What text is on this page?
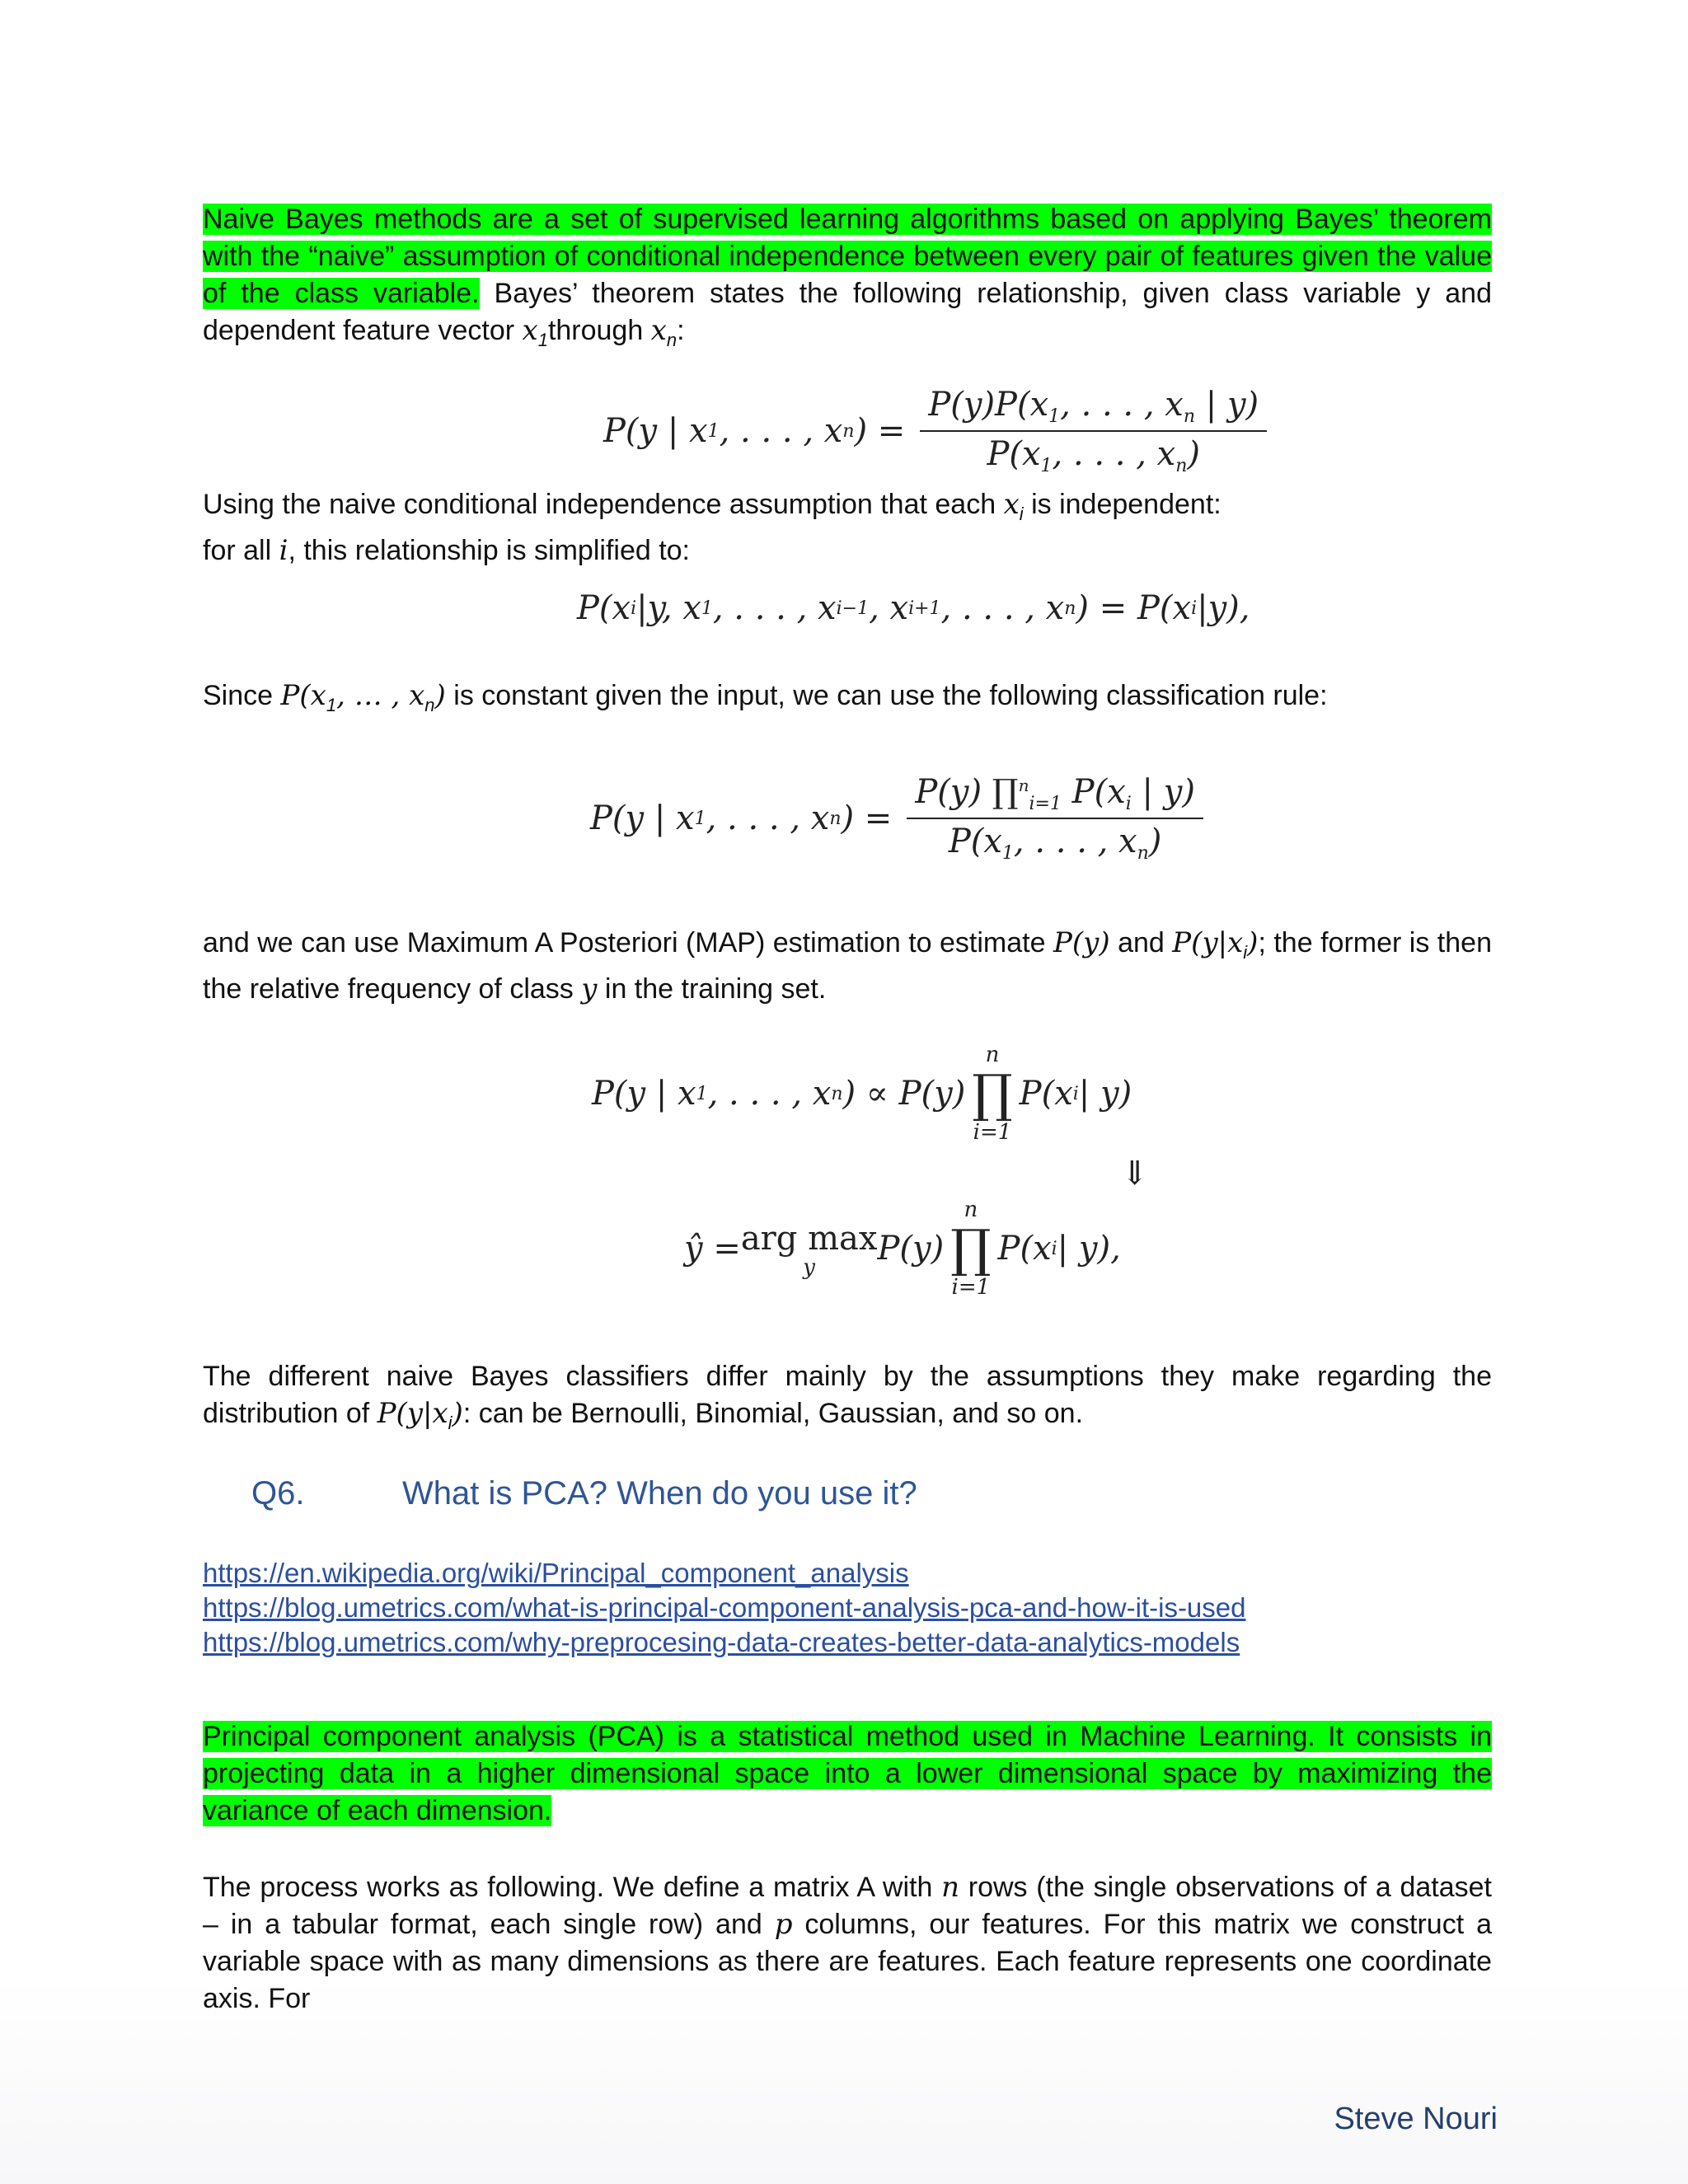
Naive Bayes methods are a set of supervised learning algorithms based on applying Bayes’ theorem with the “naive” assumption of conditional independence between every pair of features given the value of the class variable. Bayes’ theorem states the following relationship, given class variable y and dependent feature vector $x_1through$ $x_n$:
P(y | x 1 , . . . , x n ) = $\frac{P(y)P(x_1, . . . , x_n | y)}{P(x_1, . . . , x_n)}$
Using the naive conditional independence assumption that each $x_i$ is independent:
for all i, this relationship is simplified to:
P(x i |y, x 1 , . . . , x i−1 , x i+1 , . . . , x n ) = P(x i |y),
Since $P(x_1$, … , $x_n$) is constant given the input, we can use the following classification rule:
P(y | x 1 , . . . , x n ) = $\frac{P(y) \prod^n_{i=1} P(x_i | y)}{P(x_1, . . . , x_n)}$
and we can use Maximum A Posteriori (MAP) estimation to estimate P(y) and $P(y|x_i)$; the former is then the relative frequency of class y in the training set.
P(y | x 1 , . . . , x n ) ∝ P(y)
n
∏
i=1
P(x i | y)
⇓
ŷ = arg max
y P(y)
n
∏
i=1
P(x i | y),
The different naive Bayes classifiers differ mainly by the assumptions they make regarding the distribution of $P(y|x_i)$: can be Bernoulli, Binomial, Gaussian, and so on.
Q6.	What is PCA? When do you use it?
https://en.wikipedia.org/wiki/Principal_component_analysis
https://blog.umetrics.com/what-is-principal-component-analysis-pca-and-how-it-is-used
https://blog.umetrics.com/why-preprocesing-data-creates-better-data-analytics-models
Principal component analysis (PCA) is a statistical method used in Machine Learning. It consists in projecting data in a higher dimensional space into a lower dimensional space by maximizing the variance of each dimension.
The process works as following. We define a matrix A with n rows (the single observations of a dataset – in a tabular format, each single row) and p columns, our features. For this matrix we construct a variable space with as many dimensions as there are features. Each feature represents one coordinate axis. For
Steve Nouri
